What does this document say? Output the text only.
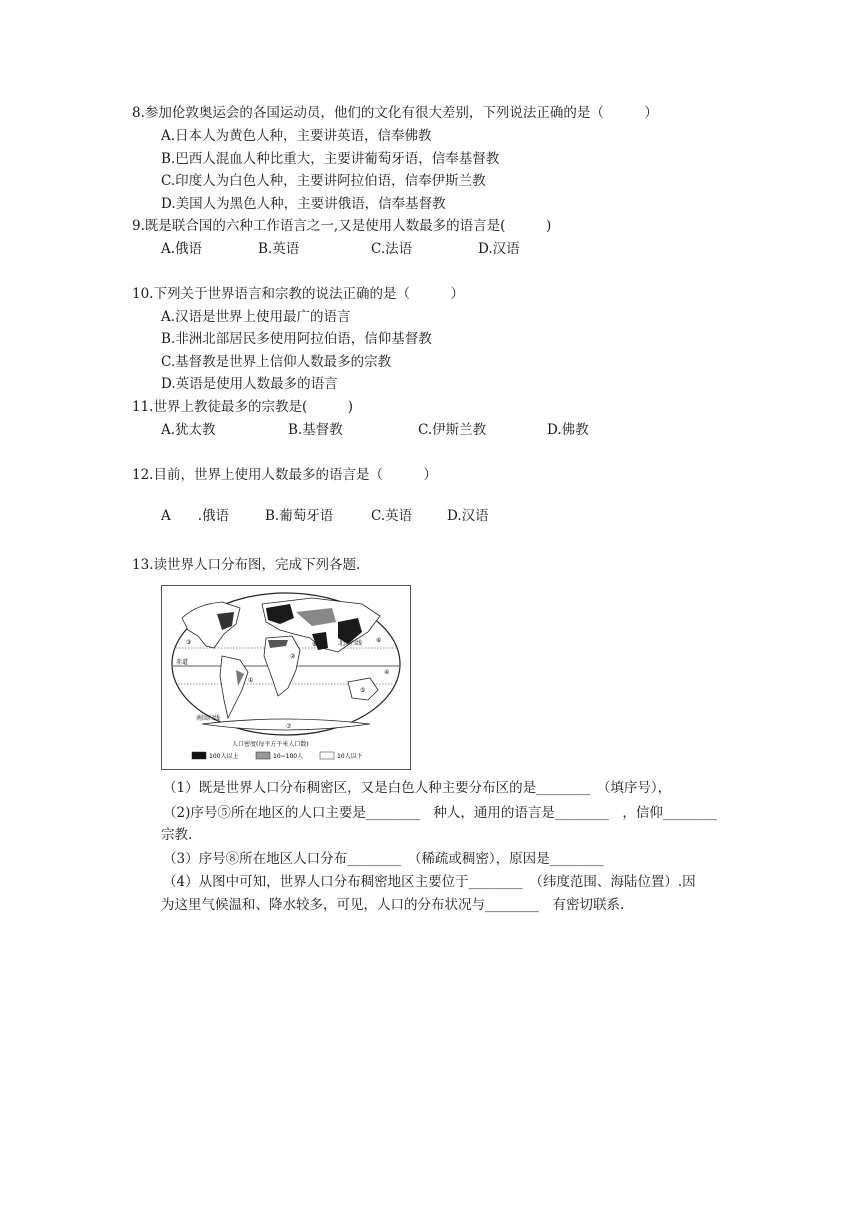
8.参加伦敦奥运会的各国运动员，他们的文化有很大差别，下列说法正确的是（　　　）
A.日本人为黄色人种，主要讲英语，信奉佛教
B.巴西人混血人种比重大，主要讲葡萄牙语，信奉基督教
C.印度人为白色人种，主要讲阿拉伯语，信奉伊斯兰教
D.美国人为黑色人种，主要讲俄语，信奉基督教
9.既是联合国的六种工作语言之一,又是使用人数最多的语言是(　　　)
A.俄语	B.英语	C.法语	D.汉语
10.下列关于世界语言和宗教的说法正确的是（　　　）
A.汉语是世界上使用最广的语言
B.非洲北部居民多使用阿拉伯语，信仰基督教
C.基督教是世界上信仰人数最多的宗教
D.英语是使用人数最多的语言
11.世界上教徒最多的宗教是(　　　)
A.犹太教	B.基督教	C.伊斯兰教	D.佛教
12.目前，世界上使用人数最多的语言是（　　　）
A　　.俄语	B.葡萄牙语	C.英语	D.汉语
13.读世界人口分布图，完成下列各题.
③
①
②
④
⑥
⑦
⑧
⑤
北回归线
赤道
南回归线
人口密度(每平方千米人口数)
100人以上	10~100人	10人以下
（1）既是世界人口分布稠密区，又是白色人种主要分布区的是________　（填序号），
（2)序号⑤所在地区的人口主要是________　种人，通用的语言是________　，信仰________
宗教.
（3）序号⑧所在地区人口分布________　（稀疏或稠密），原因是________
（4）从图中可知，世界人口分布稠密地区主要位于________　（纬度范围、海陆位置）.因
为这里气候温和、降水较多，可见，人口的分布状况与________　有密切联系.
